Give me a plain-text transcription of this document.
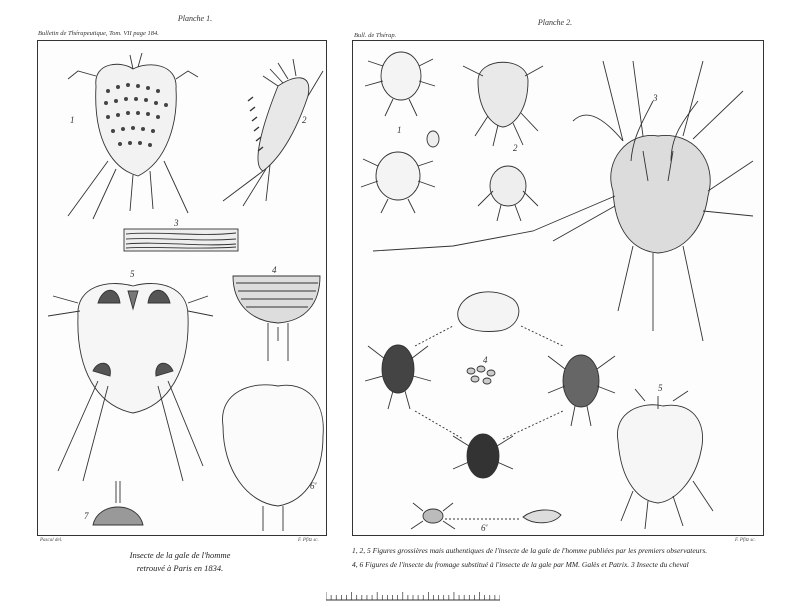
Planche 1.
Bulletin de Thérapeutique, Tom. VII page 184.
1	2
3
4
5
6'
7
Pascal del.	F. Pfitz sc.
Insecte de la gale de l'homme
retrouvé à Paris en 1834.
Planche 2.
Bull. de Thérap.
1
2
3
4
5
6'
F. Pfitz sc.
1, 2, 5 Figures grossières mais authentiques de l'insecte de la gale de l'homme publiées par les premiers observateurs.
4, 6 Figures de l'insecte du fromage substitué à l'insecte de la gale par MM. Galès et Patrix. 3 Insecte du cheval
